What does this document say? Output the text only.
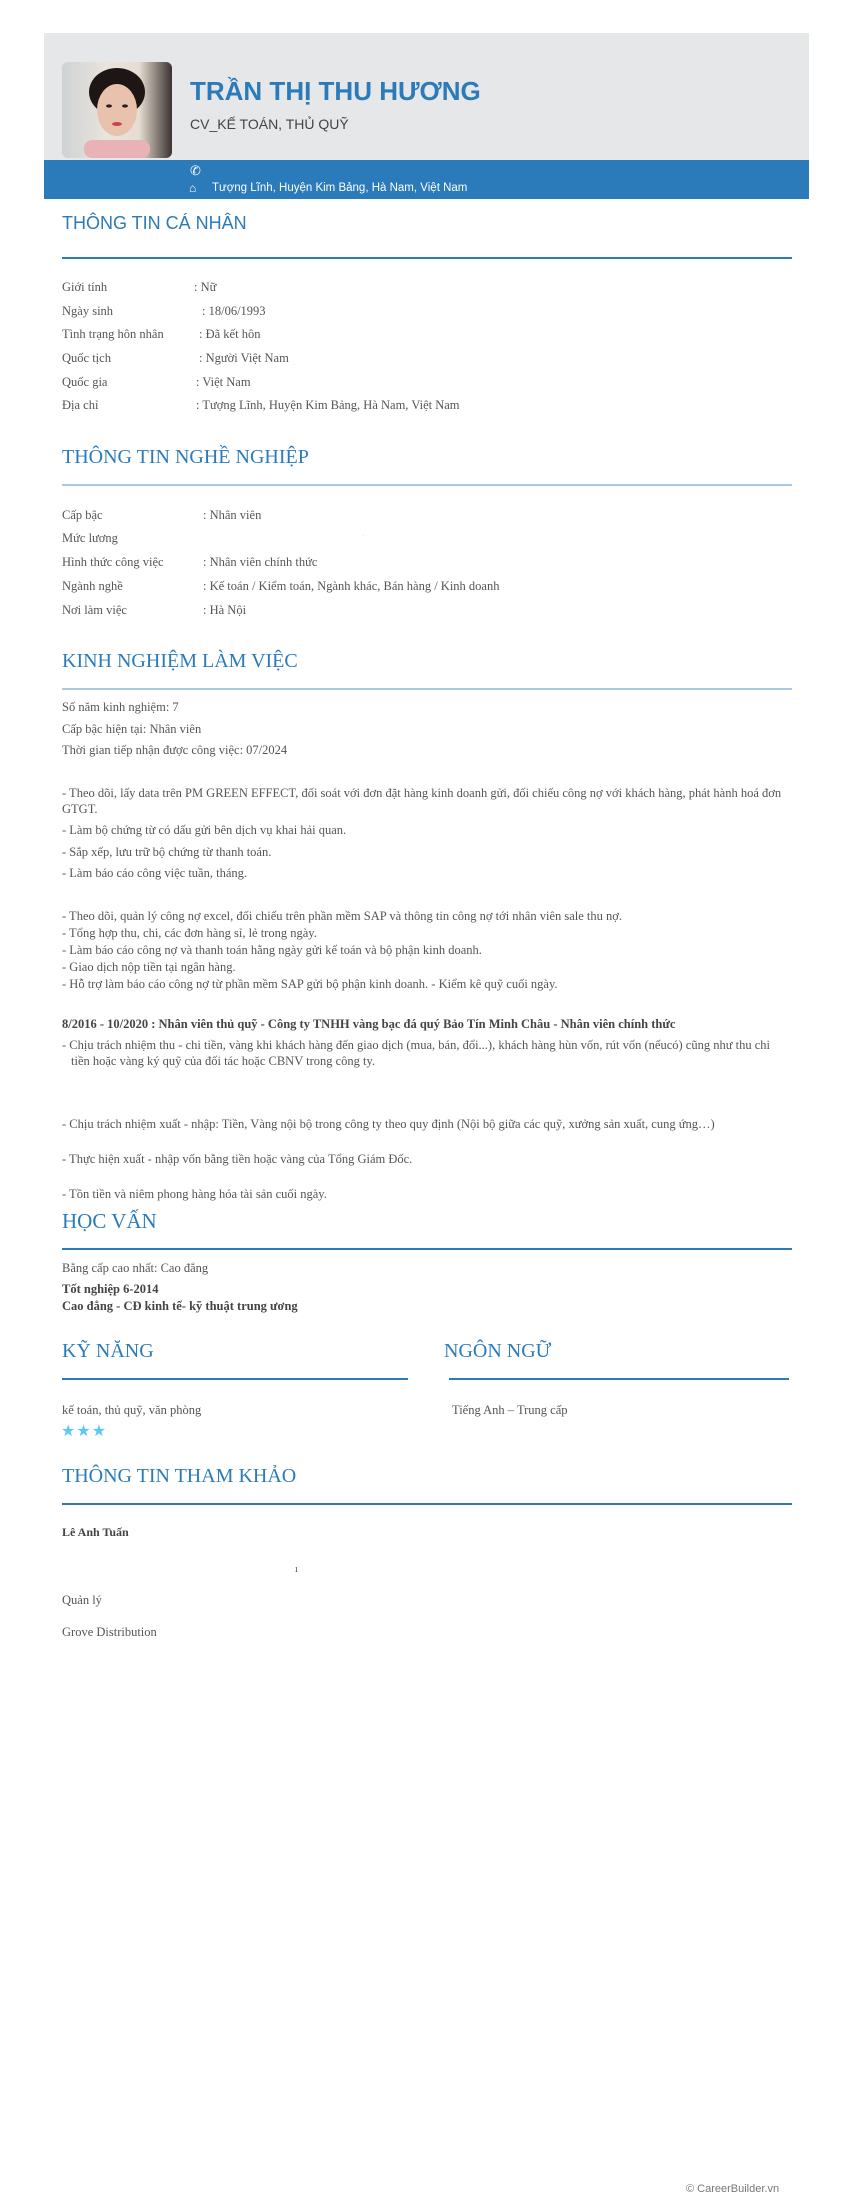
TRẦN THỊ THU HƯƠNG
CV_KẾ TOÁN, THỦ QUỸ
✆
⌂ Tượng Lĩnh, Huyện Kim Bảng, Hà Nam, Việt Nam
THÔNG TIN CÁ NHÂN
Giới tính	: Nữ
Ngày sinh	: 18/06/1993
Tình trạng hôn nhân	: Đã kết hôn
Quốc tịch	: Người Việt Nam
Quốc gia	: Việt Nam
Địa chỉ	: Tượng Lĩnh, Huyện Kim Bảng, Hà Nam, Việt Nam
THÔNG TIN NGHỀ NGHIỆP
Cấp bậc	: Nhân viên
Mức lương	.
Hình thức công việc	: Nhân viên chính thức
Ngành nghề	: Kế toán / Kiểm toán, Ngành khác, Bán hàng / Kinh doanh
Nơi làm việc	: Hà Nội
KINH NGHIỆM LÀM VIỆC
Số năm kinh nghiệm: 7
Cấp bậc hiện tại: Nhân viên
Thời gian tiếp nhận được công việc: 07/2024
- Theo dõi, lấy data trên PM GREEN EFFECT, đối soát với đơn đặt hàng kinh doanh gửi, đối chiếu công nợ với khách hàng, phát hành hoá đơn GTGT.
- Làm bộ chứng từ có dấu gửi bên dịch vụ khai hải quan.
- Sắp xếp, lưu trữ bộ chứng từ thanh toán.
- Làm báo cáo công việc tuần, tháng.
- Theo dõi, quản lý công nợ excel, đối chiếu trên phần mềm SAP và thông tin công nợ tới nhân viên sale thu nợ.
- Tổng hợp thu, chi, các đơn hàng sỉ, lẻ trong ngày.
- Làm báo cáo công nợ và thanh toán hằng ngày gửi kế toán và bộ phận kinh doanh.
- Giao dịch nộp tiền tại ngân hàng.
- Hỗ trợ làm báo cáo công nợ từ phần mềm SAP gửi bộ phận kinh doanh. - Kiểm kê quỹ cuối ngày.
8/2016 - 10/2020 : Nhân viên thủ quỹ - Công ty TNHH vàng bạc đá quý Bảo Tín Minh Châu - Nhân viên chính thức
- Chịu trách nhiệm thu - chi tiền, vàng khi khách hàng đến giao dịch (mua, bán, đổi...), khách hàng hùn vốn, rút vốn (nếucó) cũng như thu chi tiền hoặc vàng ký quỹ của đối tác hoặc CBNV trong công ty.
- Chịu trách nhiệm xuất - nhập: Tiền, Vàng nội bộ trong công ty theo quy định (Nội bộ giữa các quỹ, xưởng sản xuất, cung ứng…)
- Thực hiện xuất - nhập vốn bằng tiền hoặc vàng của Tổng Giám Đốc.
- Tồn tiền và niêm phong hàng hóa tài sản cuối ngày.
HỌC VẤN
Bằng cấp cao nhất: Cao đẳng
Tốt nghiệp 6-2014
Cao đẳng - CĐ kinh tế- kỹ thuật trung ương
KỸ NĂNG
kế toán, thủ quỹ, văn phòng
★★★
NGÔN NGỮ
Tiếng Anh – Trung cấp
THÔNG TIN THAM KHẢO
Lê Anh Tuấn
ı
Quản lý
Grove Distribution
© CareerBuilder.vn
